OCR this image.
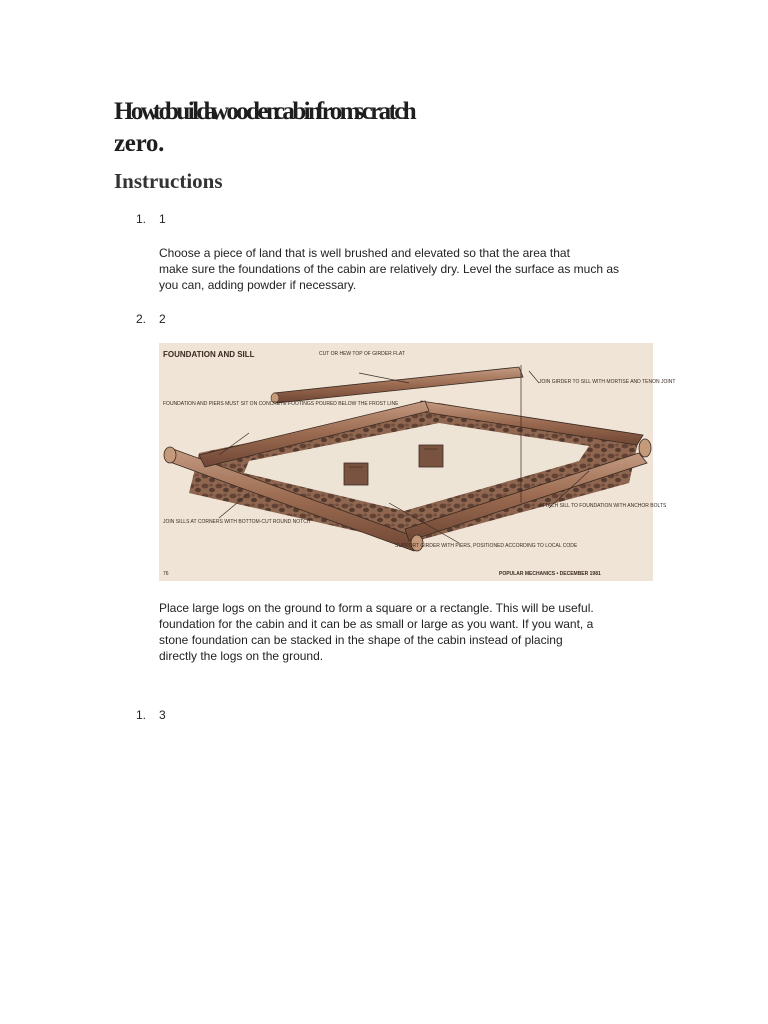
How to build a wooden cabin from scratch
zero.
Instructions
1. 1

Choose a piece of land that is well brushed and elevated so that the area that
make sure the foundations of the cabin are relatively dry. Level the surface as much as
you can, adding powder if necessary.

2. 2
FOUNDATION AND SILL	CUT OR HEW TOP OF GIRDER FLAT
JOIN GIRDER TO SILL WITH MORTISE AND TENON JOINT
FOUNDATION AND PIERS MUST SIT ON CONCRETE FOOTINGS POURED BELOW THE FROST LINE
ATTACH SILL TO FOUNDATION WITH ANCHOR BOLTS
JOIN SILLS AT CORNERS WITH BOTTOM-CUT ROUND NOTCH
SUPPORT GIRDER WITH PIERS, POSITIONED ACCORDING TO LOCAL CODE
76	POPULAR MECHANICS • DECEMBER 1981

Place large logs on the ground to form a square or a rectangle. This will be useful.
foundation for the cabin and it can be as small or large as you want. If you want, a
stone foundation can be stacked in the shape of the cabin instead of placing
directly the logs on the ground.

1. 3
